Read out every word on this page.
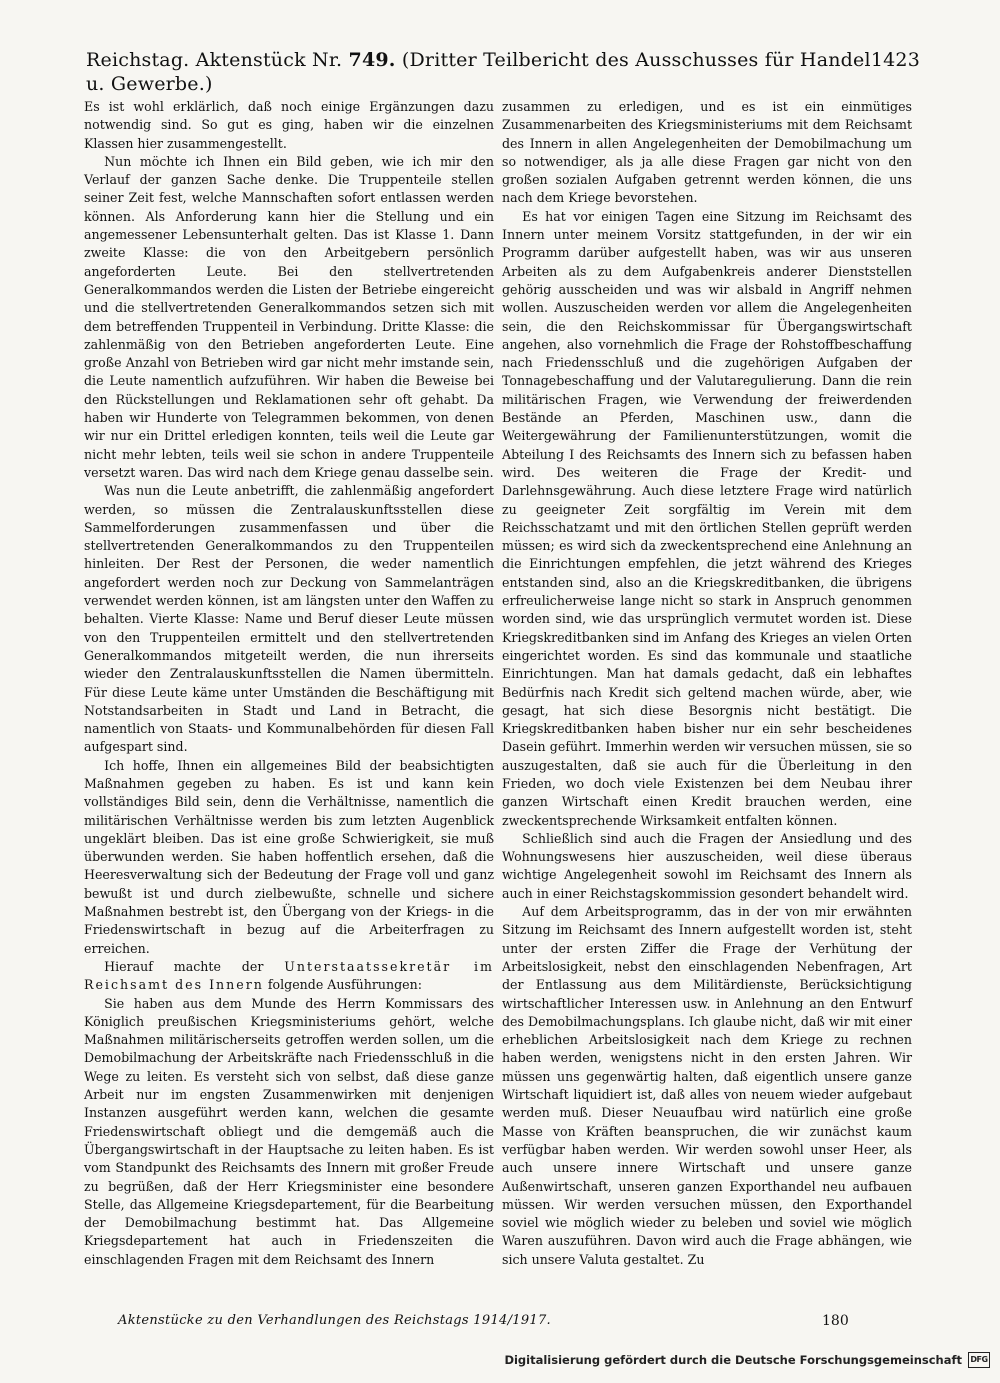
Reichstag. Aktenstück Nr. 749. (Dritter Teilbericht des Ausschusses für Handel u. Gewerbe.)
1423

Es ist wohl erklärlich, daß noch einige Ergänzungen dazu notwendig sind. So gut es ging, haben wir die einzelnen Klassen hier zusammengestellt.

Nun möchte ich Ihnen ein Bild geben, wie ich mir den Verlauf der ganzen Sache denke. Die Truppenteile stellen seiner Zeit fest, welche Mannschaften sofort entlassen werden können. Als Anforderung kann hier die Stellung und ein angemessener Lebensunterhalt gelten. Das ist Klasse 1. Dann zweite Klasse: die von den Arbeitgebern persönlich angeforderten Leute. Bei den stellvertretenden Generalkommandos werden die Listen der Betriebe eingereicht und die stellvertretenden Generalkommandos setzen sich mit dem betreffenden Truppenteil in Verbindung. Dritte Klasse: die zahlenmäßig von den Betrieben angeforderten Leute. Eine große Anzahl von Betrieben wird gar nicht mehr imstande sein, die Leute namentlich aufzuführen. Wir haben die Beweise bei den Rückstellungen und Reklamationen sehr oft gehabt. Da haben wir Hunderte von Telegrammen bekommen, von denen wir nur ein Drittel erledigen konnten, teils weil die Leute gar nicht mehr lebten, teils weil sie schon in andere Truppenteile versetzt waren. Das wird nach dem Kriege genau dasselbe sein.

Was nun die Leute anbetrifft, die zahlenmäßig angefordert werden, so müssen die Zentralauskunftsstellen diese Sammelforderungen zusammenfassen und über die stellvertretenden Generalkommandos zu den Truppenteilen hinleiten. Der Rest der Personen, die weder namentlich angefordert werden noch zur Deckung von Sammelanträgen verwendet werden können, ist am längsten unter den Waffen zu behalten. Vierte Klasse: Name und Beruf dieser Leute müssen von den Truppenteilen ermittelt und den stellvertretenden Generalkommandos mitgeteilt werden, die nun ihrerseits wieder den Zentralauskunftsstellen die Namen übermitteln. Für diese Leute käme unter Umständen die Beschäftigung mit Notstandsarbeiten in Stadt und Land in Betracht, die namentlich von Staats- und Kommunalbehörden für diesen Fall aufgespart sind.

Ich hoffe, Ihnen ein allgemeines Bild der beabsichtigten Maßnahmen gegeben zu haben. Es ist und kann kein vollständiges Bild sein, denn die Verhältnisse, namentlich die militärischen Verhältnisse werden bis zum letzten Augenblick ungeklärt bleiben. Das ist eine große Schwierigkeit, sie muß überwunden werden. Sie haben hoffentlich ersehen, daß die Heeresverwaltung sich der Bedeutung der Frage voll und ganz bewußt ist und durch zielbewußte, schnelle und sichere Maßnahmen bestrebt ist, den Übergang von der Kriegs- in die Friedenswirtschaft in bezug auf die Arbeiterfragen zu erreichen.

Hierauf machte der Unterstaatssekretär im Reichsamt des Innern folgende Ausführungen:

Sie haben aus dem Munde des Herrn Kommissars des Königlich preußischen Kriegsministeriums gehört, welche Maßnahmen militärischerseits getroffen werden sollen, um die Demobilmachung der Arbeitskräfte nach Friedensschluß in die Wege zu leiten. Es versteht sich von selbst, daß diese ganze Arbeit nur im engsten Zusammenwirken mit denjenigen Instanzen ausgeführt werden kann, welchen die gesamte Friedenswirtschaft obliegt und die demgemäß auch die Übergangswirtschaft in der Hauptsache zu leiten haben. Es ist vom Standpunkt des Reichsamts des Innern mit großer Freude zu begrüßen, daß der Herr Kriegsminister eine besondere Stelle, das Allgemeine Kriegsdepartement, für die Bearbeitung der Demobilmachung bestimmt hat. Das Allgemeine Kriegsdepartement hat auch in Friedenszeiten die einschlagenden Fragen mit dem Reichsamt des Innern

zusammen zu erledigen, und es ist ein einmütiges Zusammenarbeiten des Kriegsministeriums mit dem Reichsamt des Innern in allen Angelegenheiten der Demobilmachung um so notwendiger, als ja alle diese Fragen gar nicht von den großen sozialen Aufgaben getrennt werden können, die uns nach dem Kriege bevorstehen.

Es hat vor einigen Tagen eine Sitzung im Reichsamt des Innern unter meinem Vorsitz stattgefunden, in der wir ein Programm darüber aufgestellt haben, was wir aus unseren Arbeiten als zu dem Aufgabenkreis anderer Dienststellen gehörig ausscheiden und was wir alsbald in Angriff nehmen wollen. Auszuscheiden werden vor allem die Angelegenheiten sein, die den Reichskommissar für Übergangswirtschaft angehen, also vornehmlich die Frage der Rohstoffbeschaffung nach Friedensschluß und die zugehörigen Aufgaben der Tonnagebeschaffung und der Valutaregulierung. Dann die rein militärischen Fragen, wie Verwendung der freiwerdenden Bestände an Pferden, Maschinen usw., dann die Weitergewährung der Familienunterstützungen, womit die Abteilung I des Reichsamts des Innern sich zu befassen haben wird. Des weiteren die Frage der Kredit- und Darlehnsgewährung. Auch diese letztere Frage wird natürlich zu geeigneter Zeit sorgfältig im Verein mit dem Reichsschatzamt und mit den örtlichen Stellen geprüft werden müssen; es wird sich da zweckentsprechend eine Anlehnung an die Einrichtungen empfehlen, die jetzt während des Krieges entstanden sind, also an die Kriegskreditbanken, die übrigens erfreulicherweise lange nicht so stark in Anspruch genommen worden sind, wie das ursprünglich vermutet worden ist. Diese Kriegskreditbanken sind im Anfang des Krieges an vielen Orten eingerichtet worden. Es sind das kommunale und staatliche Einrichtungen. Man hat damals gedacht, daß ein lebhaftes Bedürfnis nach Kredit sich geltend machen würde, aber, wie gesagt, hat sich diese Besorgnis nicht bestätigt. Die Kriegskreditbanken haben bisher nur ein sehr bescheidenes Dasein geführt. Immerhin werden wir versuchen müssen, sie so auszugestalten, daß sie auch für die Überleitung in den Frieden, wo doch viele Existenzen bei dem Neubau ihrer ganzen Wirtschaft einen Kredit brauchen werden, eine zweckentsprechende Wirksamkeit entfalten können.

Schließlich sind auch die Fragen der Ansiedlung und des Wohnungswesens hier auszuscheiden, weil diese überaus wichtige Angelegenheit sowohl im Reichsamt des Innern als auch in einer Reichstagskommission gesondert behandelt wird.

Auf dem Arbeitsprogramm, das in der von mir erwähnten Sitzung im Reichsamt des Innern aufgestellt worden ist, steht unter der ersten Ziffer die Frage der Verhütung der Arbeitslosigkeit, nebst den einschlagenden Nebenfragen, Art der Entlassung aus dem Militärdienste, Berücksichtigung wirtschaftlicher Interessen usw. in Anlehnung an den Entwurf des Demobilmachungsplans. Ich glaube nicht, daß wir mit einer erheblichen Arbeitslosigkeit nach dem Kriege zu rechnen haben werden, wenigstens nicht in den ersten Jahren. Wir müssen uns gegenwärtig halten, daß eigentlich unsere ganze Wirtschaft liquidiert ist, daß alles von neuem wieder aufgebaut werden muß. Dieser Neuaufbau wird natürlich eine große Masse von Kräften beanspruchen, die wir zunächst kaum verfügbar haben werden. Wir werden sowohl unser Heer, als auch unsere innere Wirtschaft und unsere ganze Außenwirtschaft, unseren ganzen Exporthandel neu aufbauen müssen. Wir werden versuchen müssen, den Exporthandel soviel wie möglich wieder zu beleben und soviel wie möglich Waren auszuführen. Davon wird auch die Frage abhängen, wie sich unsere Valuta gestaltet. Zu

Aktenstücke zu den Verhandlungen des Reichstags 1914/1917.	180
Digitalisierung gefördert durch die Deutsche Forschungsgemeinschaft	DFG
